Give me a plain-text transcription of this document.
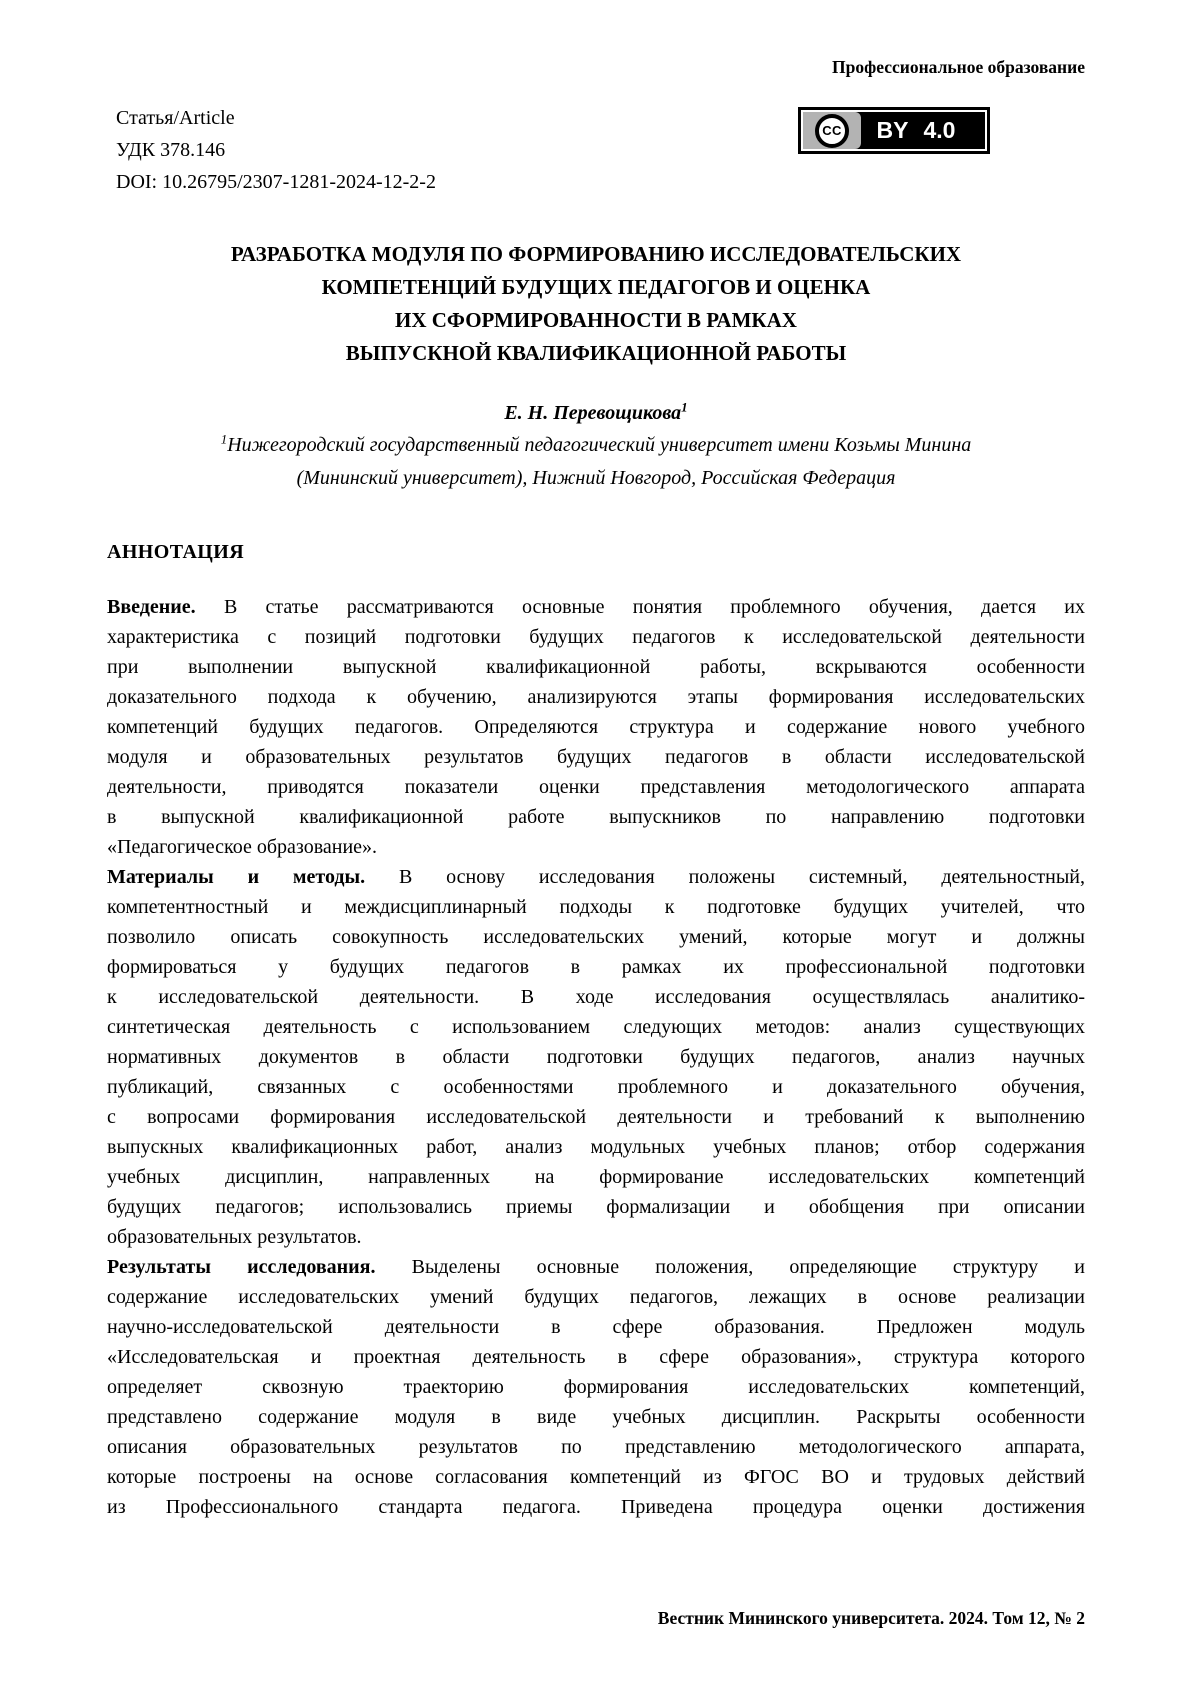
Профессиональное образование
Статья/Article
УДК 378.146
DOI: 10.26795/2307-1281-2024-12-2-2
CC	BY 4.0
РАЗРАБОТКА МОДУЛЯ ПО ФОРМИРОВАНИЮ ИССЛЕДОВАТЕЛЬСКИХ
КОМПЕТЕНЦИЙ БУДУЩИХ ПЕДАГОГОВ И ОЦЕНКА
ИХ СФОРМИРОВАННОСТИ В РАМКАХ
ВЫПУСКНОЙ КВАЛИФИКАЦИОННОЙ РАБОТЫ
Е. Н. Перевощикова$^1$
$^1$Нижегородский государственный педагогический университет имени Козьмы Минина
(Мининский университет), Нижний Новгород, Российская Федерация
АННОТАЦИЯ
Введение. В статье рассматриваются основные понятия проблемного обучения, дается их
характеристика с позиций подготовки будущих педагогов к исследовательской деятельности
при выполнении выпускной квалификационной работы, вскрываются особенности
доказательного подхода к обучению, анализируются этапы формирования исследовательских
компетенций будущих педагогов. Определяются структура и содержание нового учебного
модуля и образовательных результатов будущих педагогов в области исследовательской
деятельности, приводятся показатели оценки представления методологического аппарата
в выпускной квалификационной работе выпускников по направлению подготовки
«Педагогическое образование».
Материалы и методы. В основу исследования положены системный, деятельностный,
компетентностный и междисциплинарный подходы к подготовке будущих учителей, что
позволило описать совокупность исследовательских умений, которые могут и должны
формироваться у будущих педагогов в рамках их профессиональной подготовки
к исследовательской деятельности. В ходе исследования осуществлялась аналитико-
синтетическая деятельность с использованием следующих методов: анализ существующих
нормативных документов в области подготовки будущих педагогов, анализ научных
публикаций, связанных с особенностями проблемного и доказательного обучения,
с вопросами формирования исследовательской деятельности и требований к выполнению
выпускных квалификационных работ, анализ модульных учебных планов; отбор содержания
учебных дисциплин, направленных на формирование исследовательских компетенций
будущих педагогов; использовались приемы формализации и обобщения при описании
образовательных результатов.
Результаты исследования. Выделены основные положения, определяющие структуру и
содержание исследовательских умений будущих педагогов, лежащих в основе реализации
научно-исследовательской деятельности в сфере образования. Предложен модуль
«Исследовательская и проектная деятельность в сфере образования», структура которого
определяет сквозную траекторию формирования исследовательских компетенций,
представлено содержание модуля в виде учебных дисциплин. Раскрыты особенности
описания образовательных результатов по представлению методологического аппарата,
которые построены на основе согласования компетенций из ФГОС ВО и трудовых действий
из Профессионального стандарта педагога. Приведена процедура оценки достижения
Вестник Мининского университета. 2024. Том 12, № 2
